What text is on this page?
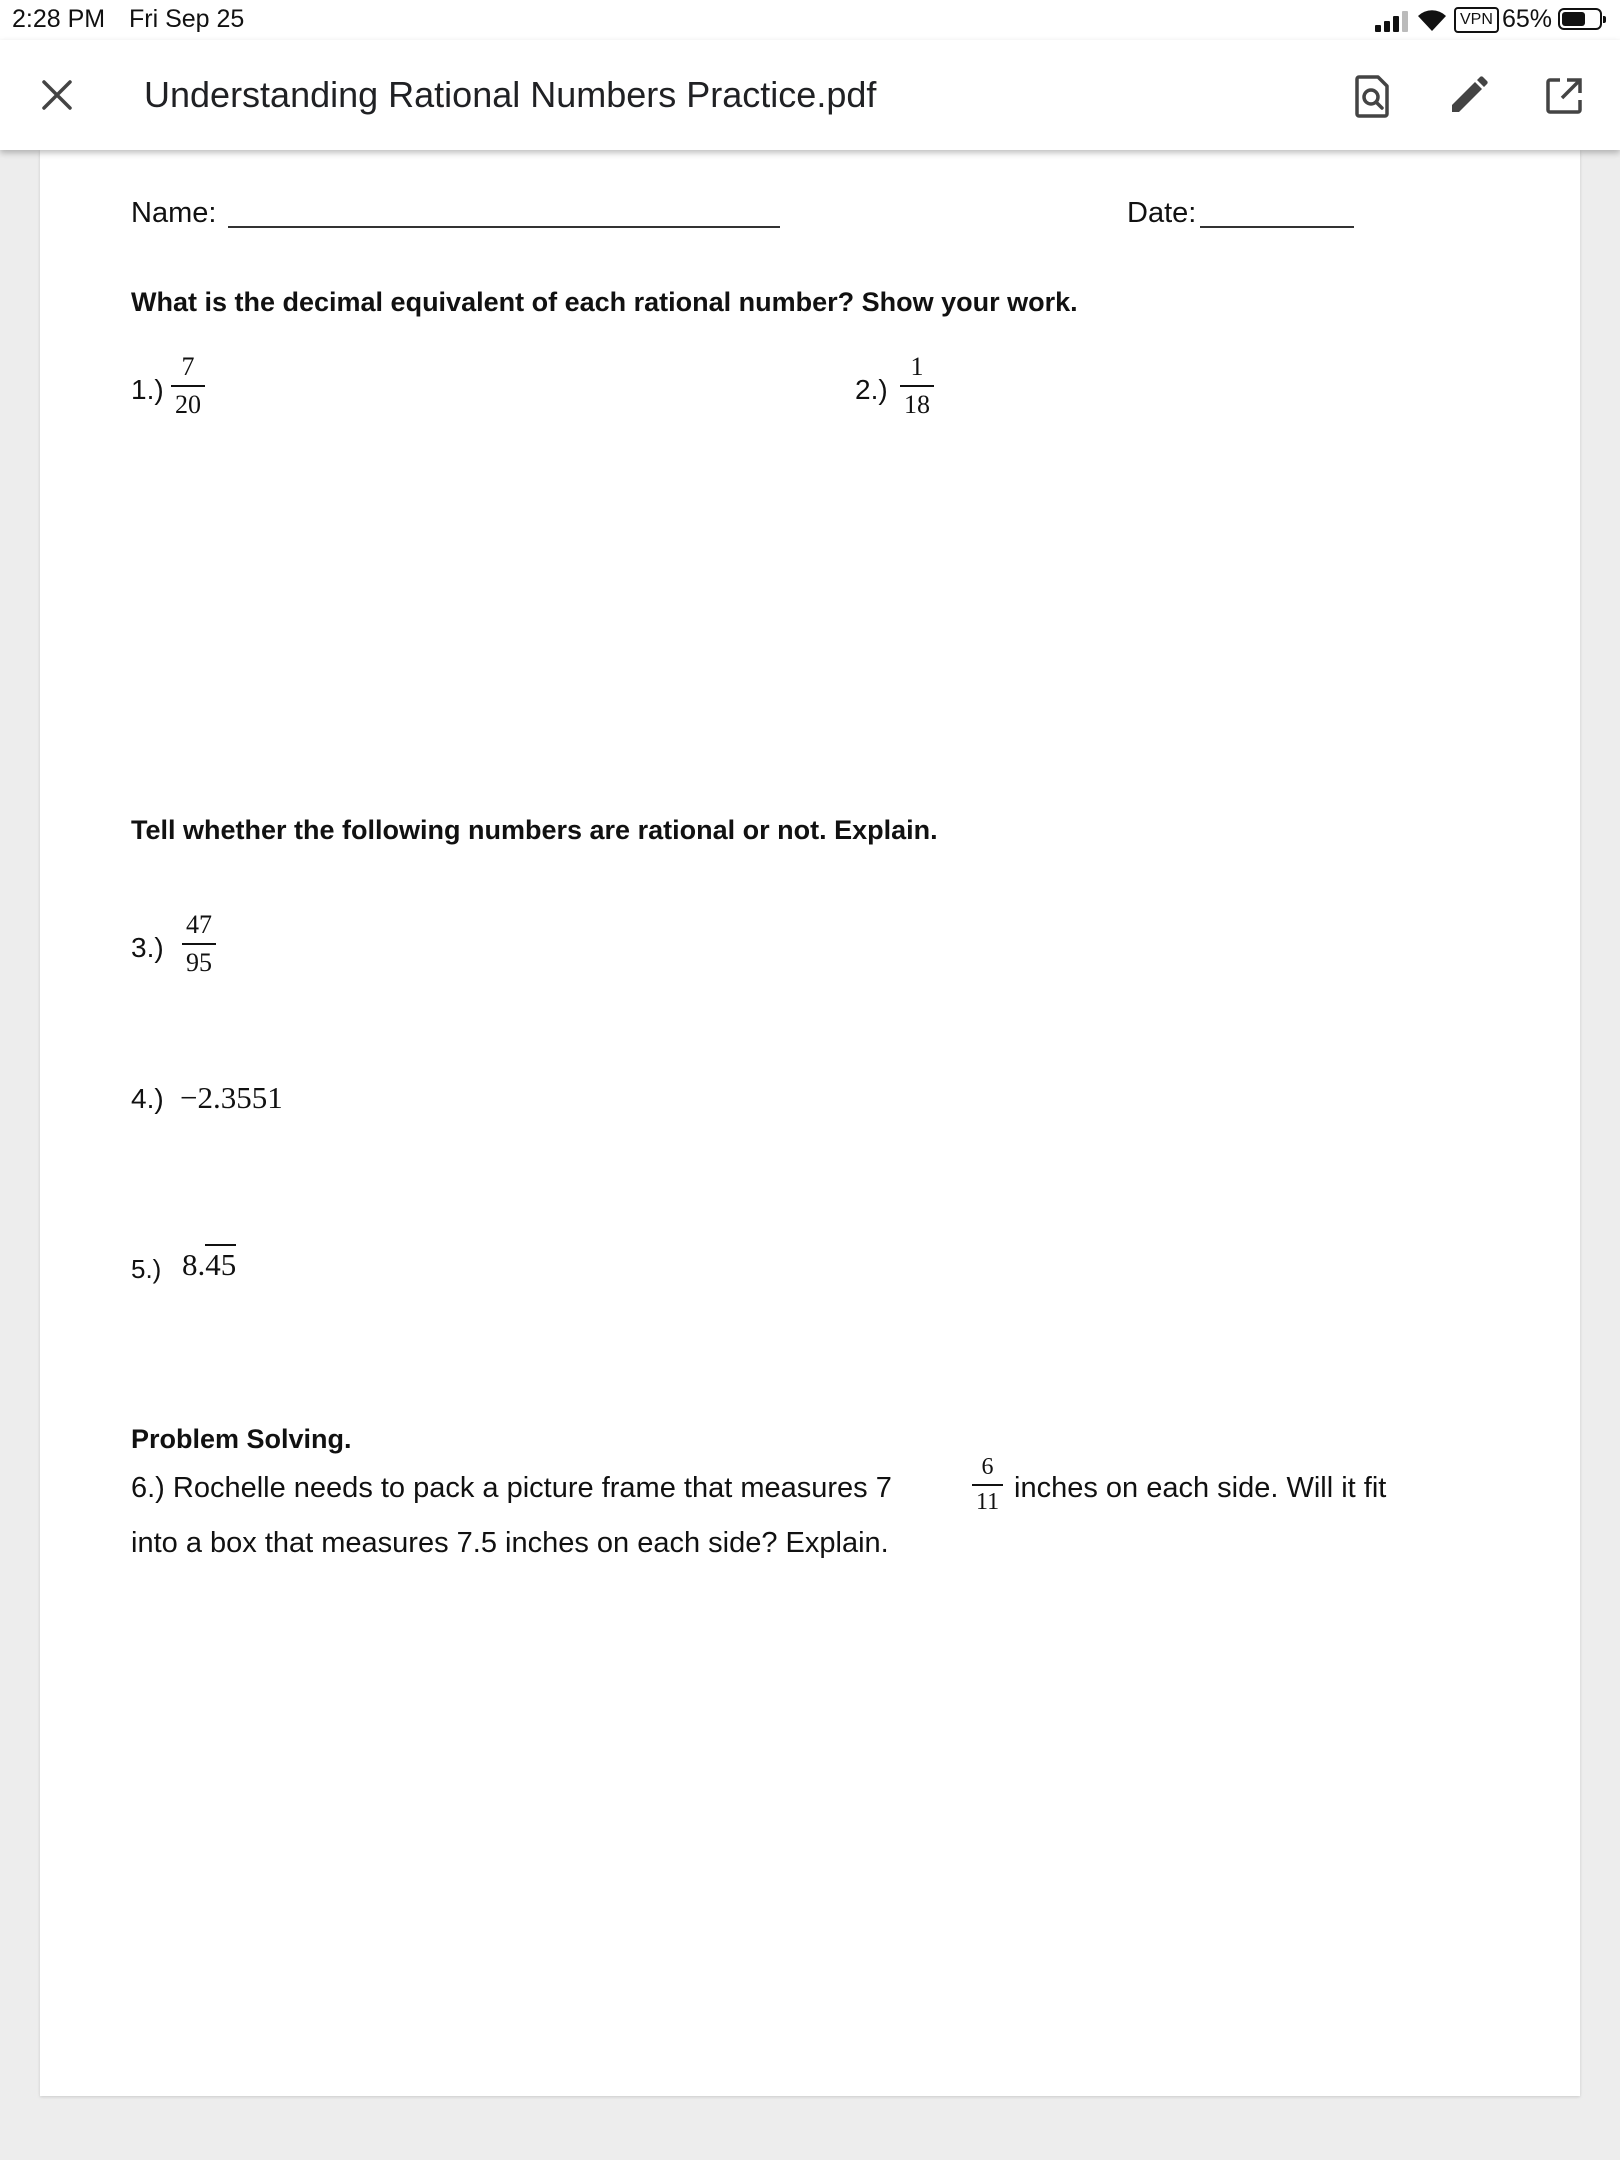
2:28 PM Fri Sep 25	VPN 65%
Understanding Rational Numbers Practice.pdf
Name:	Date:
What is the decimal equivalent of each rational number? Show your work.
1.)
7
20	2.)
1
18
Tell whether the following numbers are rational or not. Explain.
3.)
47
95
4.) −2.3551
5.) 8.45
Problem Solving.
6.) Rochelle needs to pack a picture frame that measures 7
6
11 inches on each side. Will it fit
into a box that measures 7.5 inches on each side? Explain.
